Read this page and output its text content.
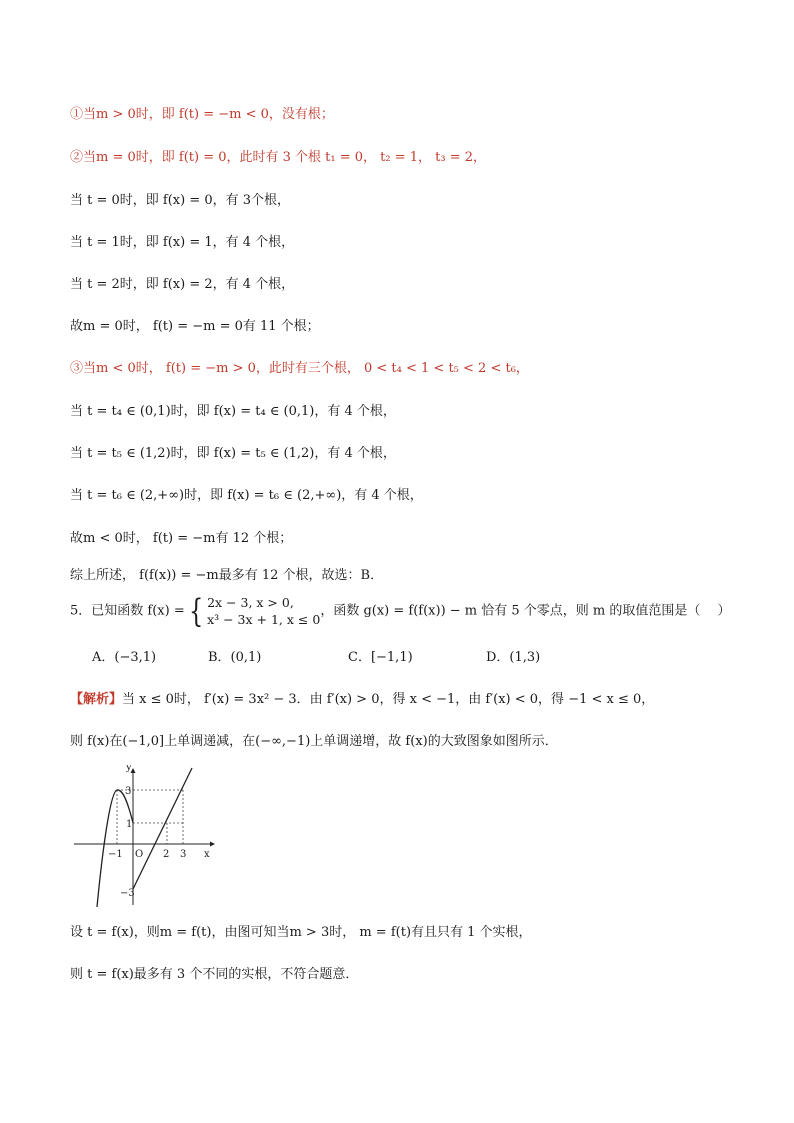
①当m > 0时，即 f(t) = −m < 0，没有根；
②当m = 0时，即 f(t) = 0，此时有 3 个根 t₁ = 0， t₂ = 1， t₃ = 2，
当 t = 0时，即 f(x) = 0，有 3个根，
当 t = 1时，即 f(x) = 1，有 4 个根，
当 t = 2时，即 f(x) = 2，有 4 个根，
故m = 0时， f(t) = −m = 0有 11 个根；
③当m < 0时， f(t) = −m > 0，此时有三个根， 0 < t₄ < 1 < t₅ < 2 < t₆，
当 t = t₄ ∈ (0,1)时，即 f(x) = t₄ ∈ (0,1)，有 4 个根，
当 t = t₅ ∈ (1,2)时，即 f(x) = t₅ ∈ (1,2)，有 4 个根，
当 t = t₆ ∈ (2,+∞)时，即 f(x) = t₆ ∈ (2,+∞)，有 4 个根，
故m < 0时， f(t) = −m有 12 个根；
综上所述， f(f(x)) = −m最多有 12 个根，故选：B．
5．已知函数 f(x) = { 2x − 3, x > 0,
x³ − 3x + 1, x ≤ 0，函数 g(x) = f(f(x)) − m 恰有 5 个零点，则 m 的取值范围是（　 ）
A．(−3,1)	B．(0,1)	C．[−1,1)	D．(1,3)
【解析】当 x ≤ 0时， f′(x) = 3x² − 3．由 f′(x) > 0，得 x < −1，由 f′(x) < 0，得 −1 < x ≤ 0，
则 f(x)在(−1,0]上单调递减，在(−∞,−1)上单调递增，故 f(x)的大致图象如图所示．
y
x
O
−1	2 3
3
1
−3
设 t = f(x)，则m = f(t)，由图可知当m > 3时， m = f(t)有且只有 1 个实根，
则 t = f(x)最多有 3 个不同的实根，不符合题意．
